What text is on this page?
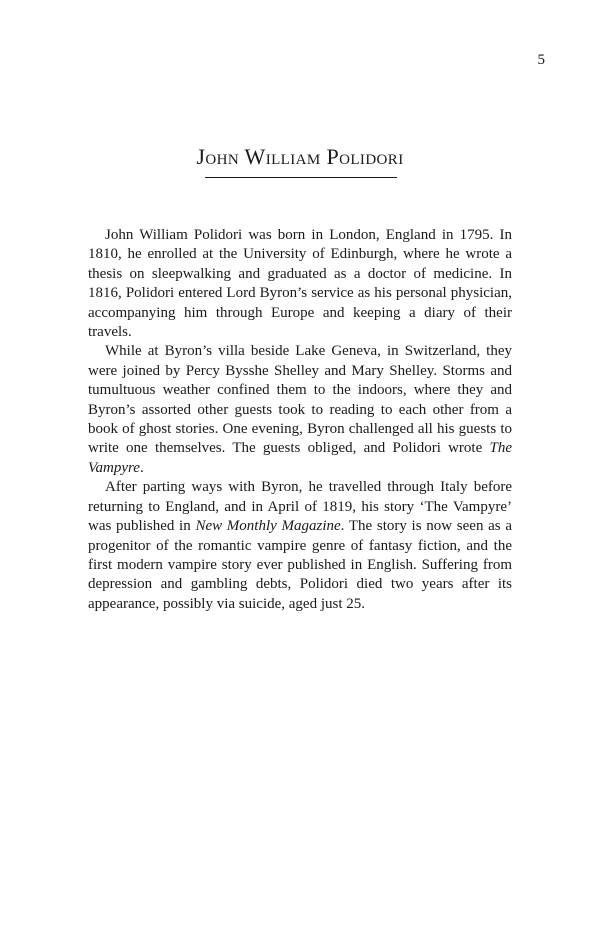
5
John William Polidori

John William Polidori was born in London, England in 1795. In 1810, he enrolled at the University of Edinburgh, where he wrote a thesis on sleepwalking and graduated as a doctor of medicine. In 1816, Polidori entered Lord Byron’s service as his personal physician, accompanying him through Europe and keeping a diary of their travels.

While at Byron’s villa beside Lake Geneva, in Switzerland, they were joined by Percy Bysshe Shelley and Mary Shelley. Storms and tumultuous weather confined them to the indoors, where they and Byron’s assorted other guests took to reading to each other from a book of ghost stories. One evening, Byron challenged all his guests to write one themselves. The guests obliged, and Polidori wrote The Vampyre.

After parting ways with Byron, he travelled through Italy before returning to England, and in April of 1819, his story ‘The Vampyre’ was published in New Monthly Magazine. The story is now seen as a progenitor of the romantic vampire genre of fantasy fiction, and the first modern vampire story ever published in English. Suffering from depression and gambling debts, Polidori died two years after its appearance, possibly via suicide, aged just 25.
